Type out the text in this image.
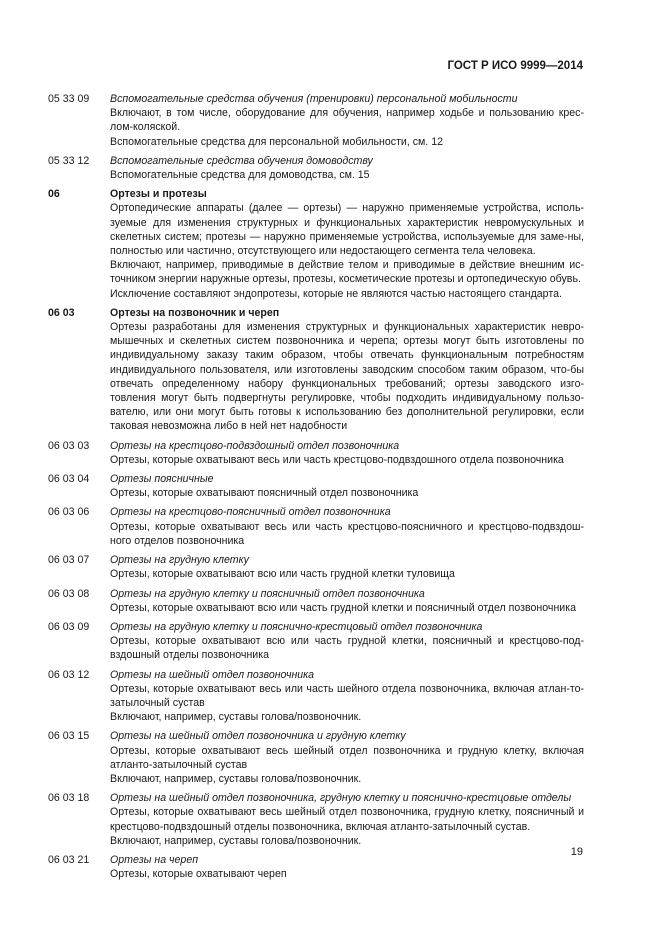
ГОСТ Р ИСО 9999—2014
05 33 09	Вспомогательные средства обучения (тренировки) персональной мобильности

Включают, в том числе, оборудование для обучения, например ходьбе и пользованию крес-лом-коляской.

Вспомогательные средства для персональной мобильности, см. 12

05 33 12	Вспомогательные средства обучения домоводству

Вспомогательные средства для домоводства, см. 15

06	Ортезы и протезы

Ортопедические аппараты (далее — ортезы) — наружно применяемые устройства, исполь-зуемые для изменения структурных и функциональных характеристик невромускульных и скелетных систем; протезы — наружно применяемые устройства, используемые для заме-ны, полностью или частично, отсутствующего или недостающего сегмента тела человека.

Включают, например, приводимые в действие телом и приводимые в действие внешним ис-точником энергии наружные ортезы, протезы, косметические протезы и ортопедическую обувь.

Исключение составляют эндопротезы, которые не являются частью настоящего стандарта.

06 03	Ортезы на позвоночник и череп

Ортезы разработаны для изменения структурных и функциональных характеристик невро-мышечных и скелетных систем позвоночника и черепа; ортезы могут быть изготовлены по индивидуальному заказу таким образом, чтобы отвечать функциональным потребностям индивидуального пользователя, или изготовлены заводским способом таким образом, что-бы отвечать определенному набору функциональных требований; ортезы заводского изго-товления могут быть подвергнуты регулировке, чтобы подходить индивидуальному пользо-вателю, или они могут быть готовы к использованию без дополнительной регулировки, если таковая невозможна либо в ней нет надобности

06 03 03	Ортезы на крестцово-подвздошный отдел позвоночника

Ортезы, которые охватывают весь или часть крестцово-подвздошного отдела позвоночника

06 03 04	Ортезы поясничные

Ортезы, которые охватывают поясничный отдел позвоночника

06 03 06	Ортезы на крестцово-поясничный отдел позвоночника

Ортезы, которые охватывают весь или часть крестцово-поясничного и крестцово-подвздош-ного отделов позвоночника

06 03 07	Ортезы на грудную клетку

Ортезы, которые охватывают всю или часть грудной клетки туловища

06 03 08	Ортезы на грудную клетку и поясничный отдел позвоночника

Ортезы, которые охватывают всю или часть грудной клетки и поясничный отдел позвоночника

06 03 09	Ортезы на грудную клетку и пояснично-крестцовый отдел позвоночника

Ортезы, которые охватывают всю или часть грудной клетки, поясничный и крестцово-под-вздошный отделы позвоночника

06 03 12	Ортезы на шейный отдел позвоночника

Ортезы, которые охватывают весь или часть шейного отдела позвоночника, включая атлан-то-затылочный сустав

Включают, например, суставы голова/позвоночник.

06 03 15	Ортезы на шейный отдел позвоночника и грудную клетку

Ортезы, которые охватывают весь шейный отдел позвоночника и грудную клетку, включая атланто-затылочный сустав

Включают, например, суставы голова/позвоночник.

06 03 18	Ортезы на шейный отдел позвоночника, грудную клетку и пояснично-крестцовые отделы

Ортезы, которые охватывают весь шейный отдел позвоночника, грудную клетку, поясничный и крестцово-подвздошный отделы позвоночника, включая атланто-затылочный сустав.

Включают, например, суставы голова/позвоночник.

06 03 21	Ортезы на череп

Ортезы, которые охватывают череп

19
